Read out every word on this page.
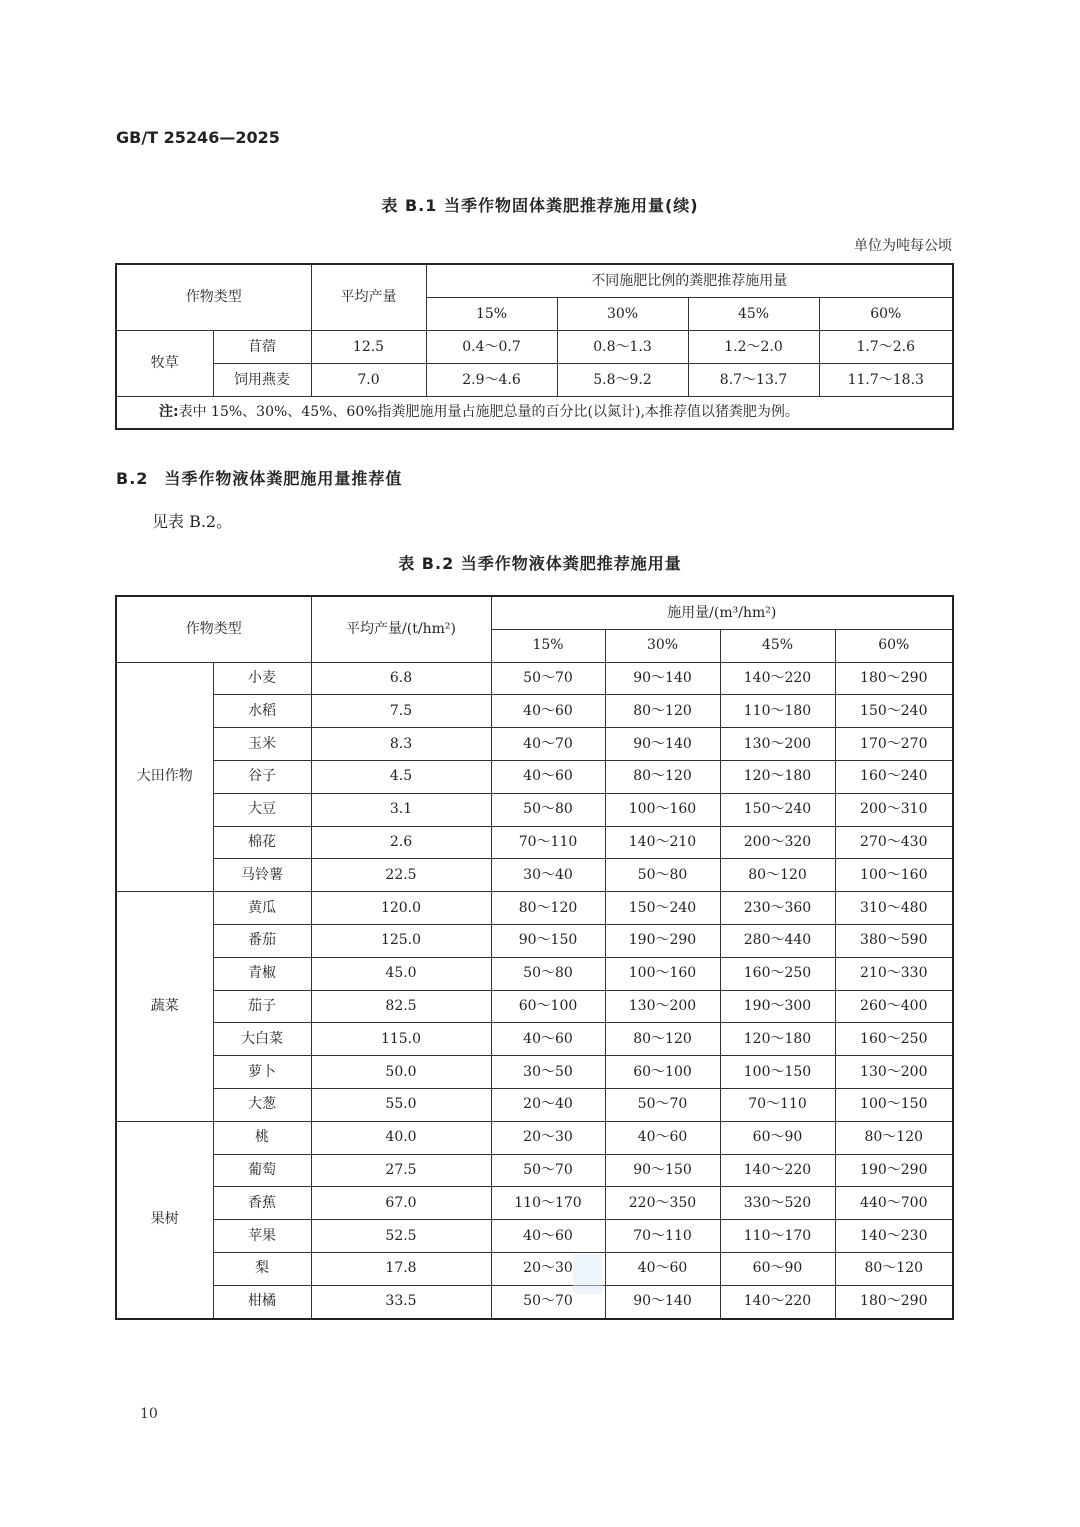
GB/T 25246—2025
表 B.1 当季作物固体粪肥推荐施用量(续)
单位为吨每公顷
作物类型		平均产量	不同施肥比例的粪肥推荐施用量			
			15%	30%	45%	60%
牧草	苜蓿	12.5	0.4～0.7	0.8～1.3	1.2～2.0	1.7～2.6
	饲用燕麦	7.0	2.9～4.6	5.8～9.2	8.7～13.7	11.7～18.3
注:表中 15%、30%、45%、60%指粪肥施用量占施肥总量的百分比(以氮计),本推荐值以猪粪肥为例。						
B.2 当季作物液体粪肥施用量推荐值
见表 B.2。
表 B.2 当季作物液体粪肥推荐施用量
作物类型		平均产量/(t/hm²)	施用量/(m³/hm²)			
			15%	30%	45%	60%
大田作物	小麦	6.8	50～70	90～140	140～220	180～290
	水稻	7.5	40～60	80～120	110～180	150～240
	玉米	8.3	40～70	90～140	130～200	170～270
	谷子	4.5	40～60	80～120	120～180	160～240
	大豆	3.1	50～80	100～160	150～240	200～310
	棉花	2.6	70～110	140～210	200～320	270～430
	马铃薯	22.5	30～40	50～80	80～120	100～160
蔬菜	黄瓜	120.0	80～120	150～240	230～360	310～480
	番茄	125.0	90～150	190～290	280～440	380～590
	青椒	45.0	50～80	100～160	160～250	210～330
	茄子	82.5	60～100	130～200	190～300	260～400
	大白菜	115.0	40～60	80～120	120～180	160～250
	萝卜	50.0	30～50	60～100	100～150	130～200
	大葱	55.0	20～40	50～70	70～110	100～150
果树	桃	40.0	20～30	40～60	60～90	80～120
	葡萄	27.5	50～70	90～150	140～220	190～290
	香蕉	67.0	110～170	220～350	330～520	440～700
	苹果	52.5	40～60	70～110	110～170	140～230
	梨	17.8	20～30	40～60	60～90	80～120
	柑橘	33.5	50～70	90～140	140～220	180～290
10
